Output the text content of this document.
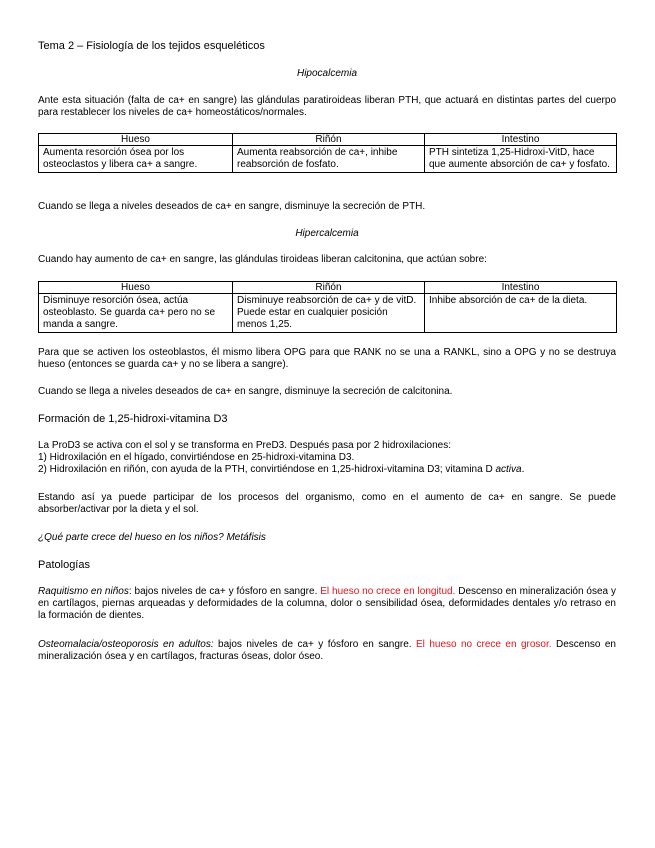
Tema 2 – Fisiología de los tejidos esqueléticos

Hipocalcemia

Ante esta situación (falta de ca+ en sangre) las glándulas paratiroideas liberan PTH, que actuará en distintas partes del cuerpo para restablecer los niveles de ca+ homeostáticos/normales.

Hueso	Riñón	Intestino
Aumenta resorción ósea por los osteoclastos y libera ca+ a sangre.	Aumenta reabsorción de ca+, inhibe reabsorción de fosfato.	PTH sintetiza 1,25-Hidroxi-VitD, hace que aumente absorción de ca+ y fosfato.

Cuando se llega a niveles deseados de ca+ en sangre, disminuye la secreción de PTH.

Hipercalcemia

Cuando hay aumento de ca+ en sangre, las glándulas tiroideas liberan calcitonina, que actúan sobre:

Hueso	Riñón	Intestino
Disminuye resorción ósea, actúa osteoblasto. Se guarda ca+ pero no se manda a sangre.	Disminuye reabsorción de ca+ y de vitD. Puede estar en cualquier posición menos 1,25.	Inhibe absorción de ca+ de la dieta.

Para que se activen los osteoblastos, él mismo libera OPG para que RANK no se una a RANKL, sino a OPG y no se destruya hueso (entonces se guarda ca+ y no se libera a sangre).

Cuando se llega a niveles deseados de ca+ en sangre, disminuye la secreción de calcitonina.

Formación de 1,25-hidroxi-vitamina D3

La ProD3 se activa con el sol y se transforma en PreD3. Después pasa por 2 hidroxilaciones:

1) Hidroxilación en el hígado, convirtiéndose en 25-hidroxi-vitamina D3.

2) Hidroxilación en riñón, con ayuda de la PTH, convirtiéndose en 1,25-hidroxi-vitamina D3; vitamina D activa.

Estando así ya puede participar de los procesos del organismo, como en el aumento de ca+ en sangre. Se puede absorber/activar por la dieta y el sol.

¿Qué parte crece del hueso en los niños? Metáfisis

Patologías

Raquitismo en niños: bajos niveles de ca+ y fósforo en sangre. El hueso no crece en longitud. Descenso en mineralización ósea y en cartílagos, piernas arqueadas y deformidades de la columna, dolor o sensibilidad ósea, deformidades dentales y/o retraso en la formación de dientes.

Osteomalacia/osteoporosis en adultos: bajos niveles de ca+ y fósforo en sangre. El hueso no crece en grosor. Descenso en mineralización ósea y en cartílagos, fracturas óseas, dolor óseo.
